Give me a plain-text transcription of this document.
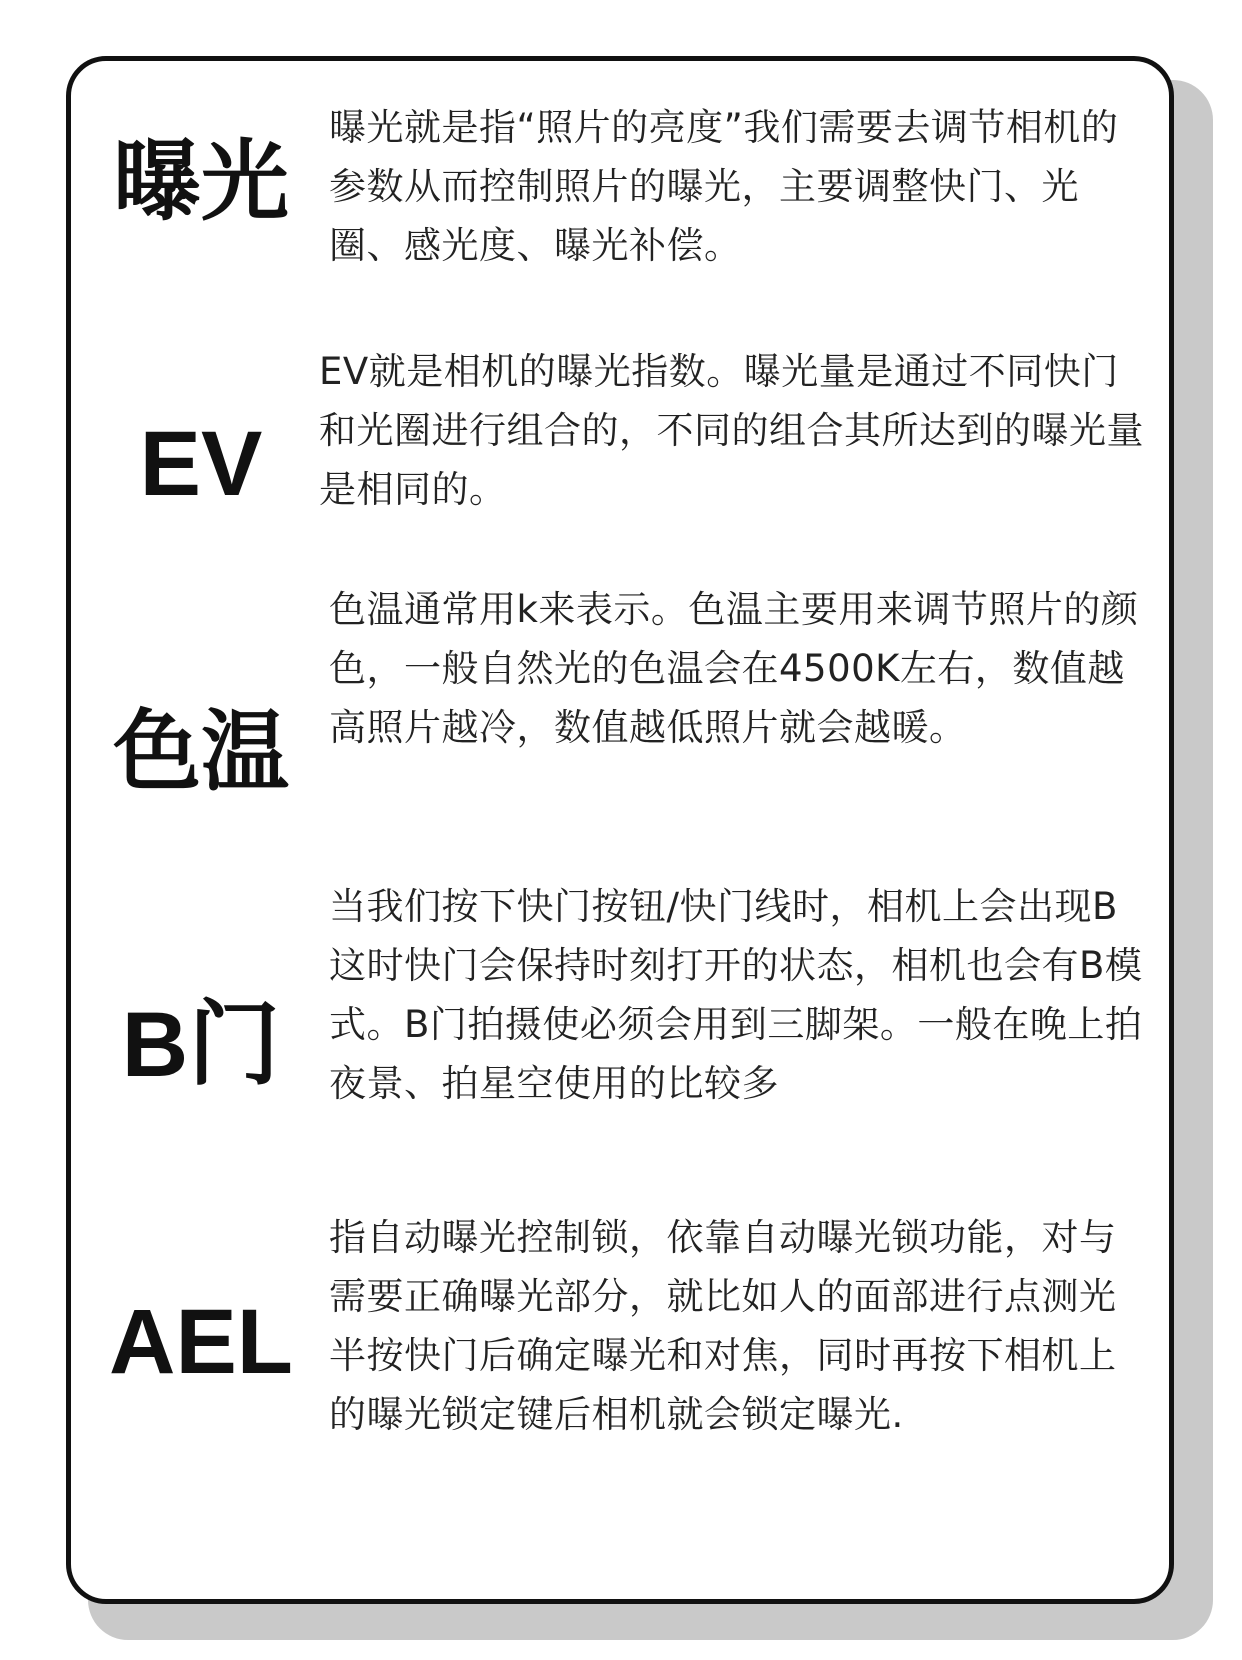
曝光

曝光就是指“照片的亮度”我们需要去调节相机的参数从而控制照片的曝光，主要调整快门、光圈、感光度、曝光补偿。

EV

EV就是相机的曝光指数。曝光量是通过不同快门和光圈进行组合的，不同的组合其所达到的曝光量是相同的。

色温

色温通常用k来表示。色温主要用来调节照片的颜色，一般自然光的色温会在4500K左右，数值越高照片越冷，数值越低照片就会越暖。

B门

当我们按下快门按钮/快门线时，相机上会出现B这时快门会保持时刻打开的状态，相机也会有B模式。B门拍摄使必须会用到三脚架。一般在晚上拍夜景、拍星空使用的比较多

AEL

指自动曝光控制锁，依靠自动曝光锁功能，对与需要正确曝光部分，就比如人的面部进行点测光半按快门后确定曝光和对焦，同时再按下相机上的曝光锁定键后相机就会锁定曝光.
